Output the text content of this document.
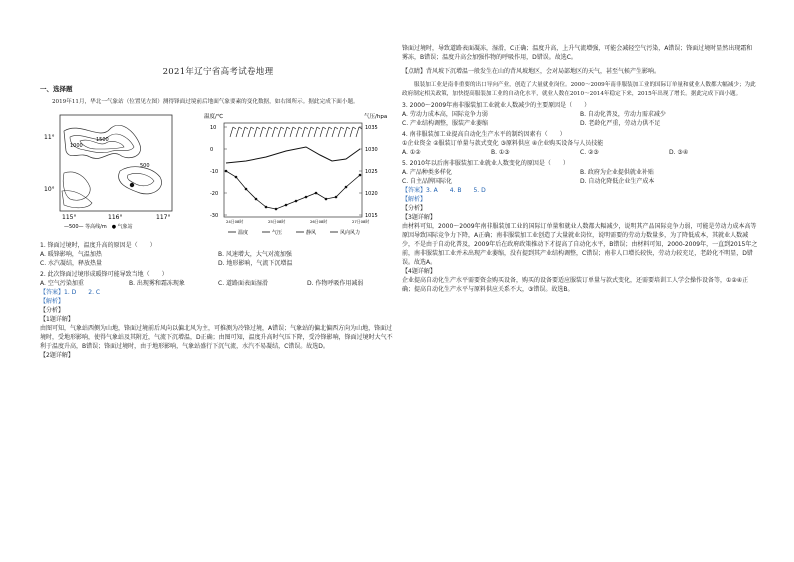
2021年辽宁省高考试卷地理

一、选择题

2019年11月，华北一气象站（位置见左图）测得锋面过境前后地面气象要素的变化数据，如右图所示。据此完成下面小题。

1000
1500
500
11°
10°
115°	116°	117°
—500— 等高线/m　● 气象站
温度/℃	气压/hpa
10
0
-10
-20
-30
1035
1030
1025
1020
1015
24日08时	25日08时	26日08时	27日08时
温度	气压	静风	风向风力

1. 锋面过境时，温度升高的原因是（　　）

A. 暖锋影响，气温加热	B. 风速增大，大气对流加强
C. 水汽凝结，释放热量	D. 地形影响，气流下沉增温

2. 此次锋面过境形成暖锋可能导致当地（　　）

A. 空气污染加重	B. 出现雾和霜冻现象	C. 道路面表面湿滑	D. 作物呼吸作用减弱

【答案】1. D　　2. C

【解析】

【分析】

【1题详解】

由图可知，气象站西侧为山地，锋面过境前后风向以偏北风为主，可推测为冷锋过境，A错误；气象站的偏北偏西方向为山地，锋面过境时，受地形影响，使得气象站及其附近，气流下沉增温，D正确；由图可知，温度升高时气压下降，受冷锋影响，锋面过境时大气不利于温度升高，B错误；锋面过境时，由于地形影响，气象站盛行下沉气流，水汽不易凝结，C错误。故选D。

【2题详解】

锋面过境时，导致道路表面凝冻，湿滑，C正确；温度升高，上升气流增强，可能会减轻空气污染，A错误；锋面过境时显然出现霜和雾冻，B错误；温度升高会加强作物的呼吸作用，D错误。故选C。

【点睛】背风坡下沉增温一般发生在山的背风坡地区，会对局部地区的天气，甚至气候产生影响。

服装加工业是南非重要的出口导向产业，创造了大量就业岗位。2000～2009年南非服装加工业的国际订单量和就业人数都大幅减少；为此政府制定相关政策，加快提高服装加工业的自动化水平，就业人数在2010～2014年稳定下来，2015年出现了增长。据此完成下面小题。

3. 2000～2009年南非服装加工业就业人数减少的主要原因是（　　）

A. 劳动力成本高，国际竞争力弱	B. 自动化普及，劳动力需求减少
C. 产业结构调整，服装产业萎缩	D. 老龄化严重，劳动力供不足

4. 南非服装加工业提高自动化生产水平的制约因素有（　　）

①企业资金 ②服装订单量与款式变化 ③原料供应 ④企业购买设备与人员技能

A. ①②	B. ①③	C. ②③	D. ③④

5. 2010年以后南非服装加工业就业人数变化的原因是（　　）

A. 产品种类多样化	B. 政府为企业提供就业补贴
C. 自主品牌国际化	D. 自动化降低企业生产成本

【答案】3. A　　4. B　　5. D

【解析】

【分析】

【3题详解】

由材料可知，2000～2009年南非服装加工业的国际订单量和就业人数都大幅减少，说明其产品国际竞争力弱，可能是劳动力成本高等原因导致国际竞争力下降，A正确；南非服装加工业创造了大量就业岗位，说明需要的劳动力数量多，为了降低成本，其就业人数减少，不是由于自动化普及，2009年后在政府政策推动下才提高了自动化水平，B错误；由材料可知，2000-2009年，一直到2015年之前，南非服装加工业并未出现产业萎缩，没有提到其产业结构调整，C错误；南非人口增长较快，劳动力较充足，老龄化不明显，D错误。故选A。

【4题详解】

企业提高自动化生产水平需要资金购买设备，购买的设备要适应服装订单量与款式变化，还需要培训工人学会操作设备等，①②④正确；提高自动化生产水平与原料供应关系不大，③错误。故选B。
